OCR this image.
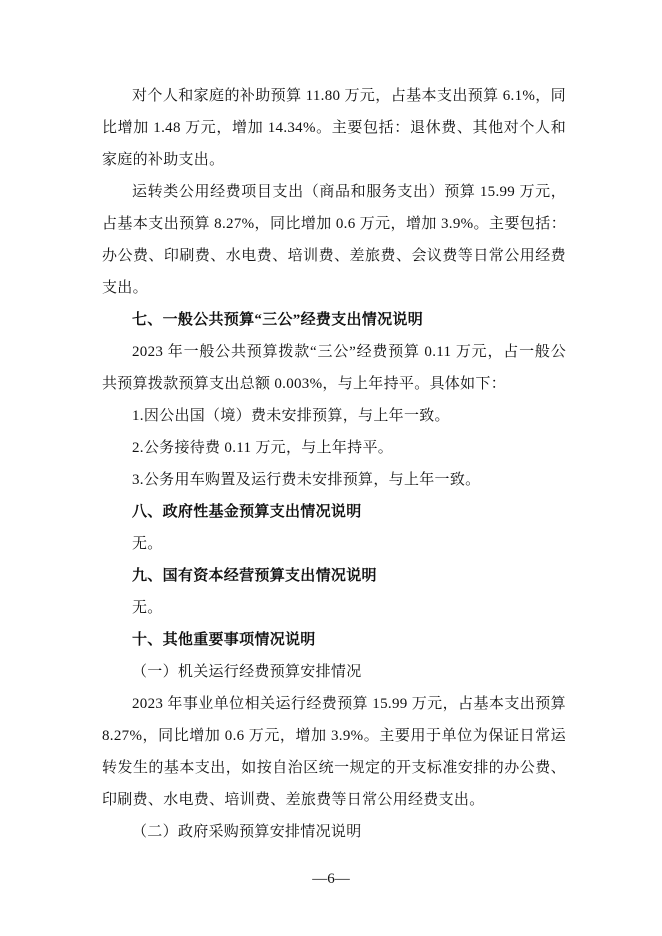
对个人和家庭的补助预算 11.80 万元，占基本支出预算 6.1%，同比增加 1.48 万元，增加 14.34%。主要包括：退休费、其他对个人和家庭的补助支出。

运转类公用经费项目支出（商品和服务支出）预算 15.99 万元，占基本支出预算 8.27%，同比增加 0.6 万元，增加 3.9%。主要包括：办公费、印刷费、水电费、培训费、差旅费、会议费等日常公用经费支出。

七、一般公共预算“三公”经费支出情况说明

2023 年一般公共预算拨款“三公”经费预算 0.11 万元，占一般公共预算拨款预算支出总额 0.003%，与上年持平。具体如下：

1.因公出国（境）费未安排预算，与上年一致。

2.公务接待费 0.11 万元，与上年持平。

3.公务用车购置及运行费未安排预算，与上年一致。

八、政府性基金预算支出情况说明

无。

九、国有资本经营预算支出情况说明

无。

十、其他重要事项情况说明

（一）机关运行经费预算安排情况

2023 年事业单位相关运行经费预算 15.99 万元，占基本支出预算 8.27%，同比增加 0.6 万元，增加 3.9%。主要用于单位为保证日常运转发生的基本支出，如按自治区统一规定的开支标准安排的办公费、印刷费、水电费、培训费、差旅费等日常公用经费支出。

（二）政府采购预算安排情况说明

—6—
